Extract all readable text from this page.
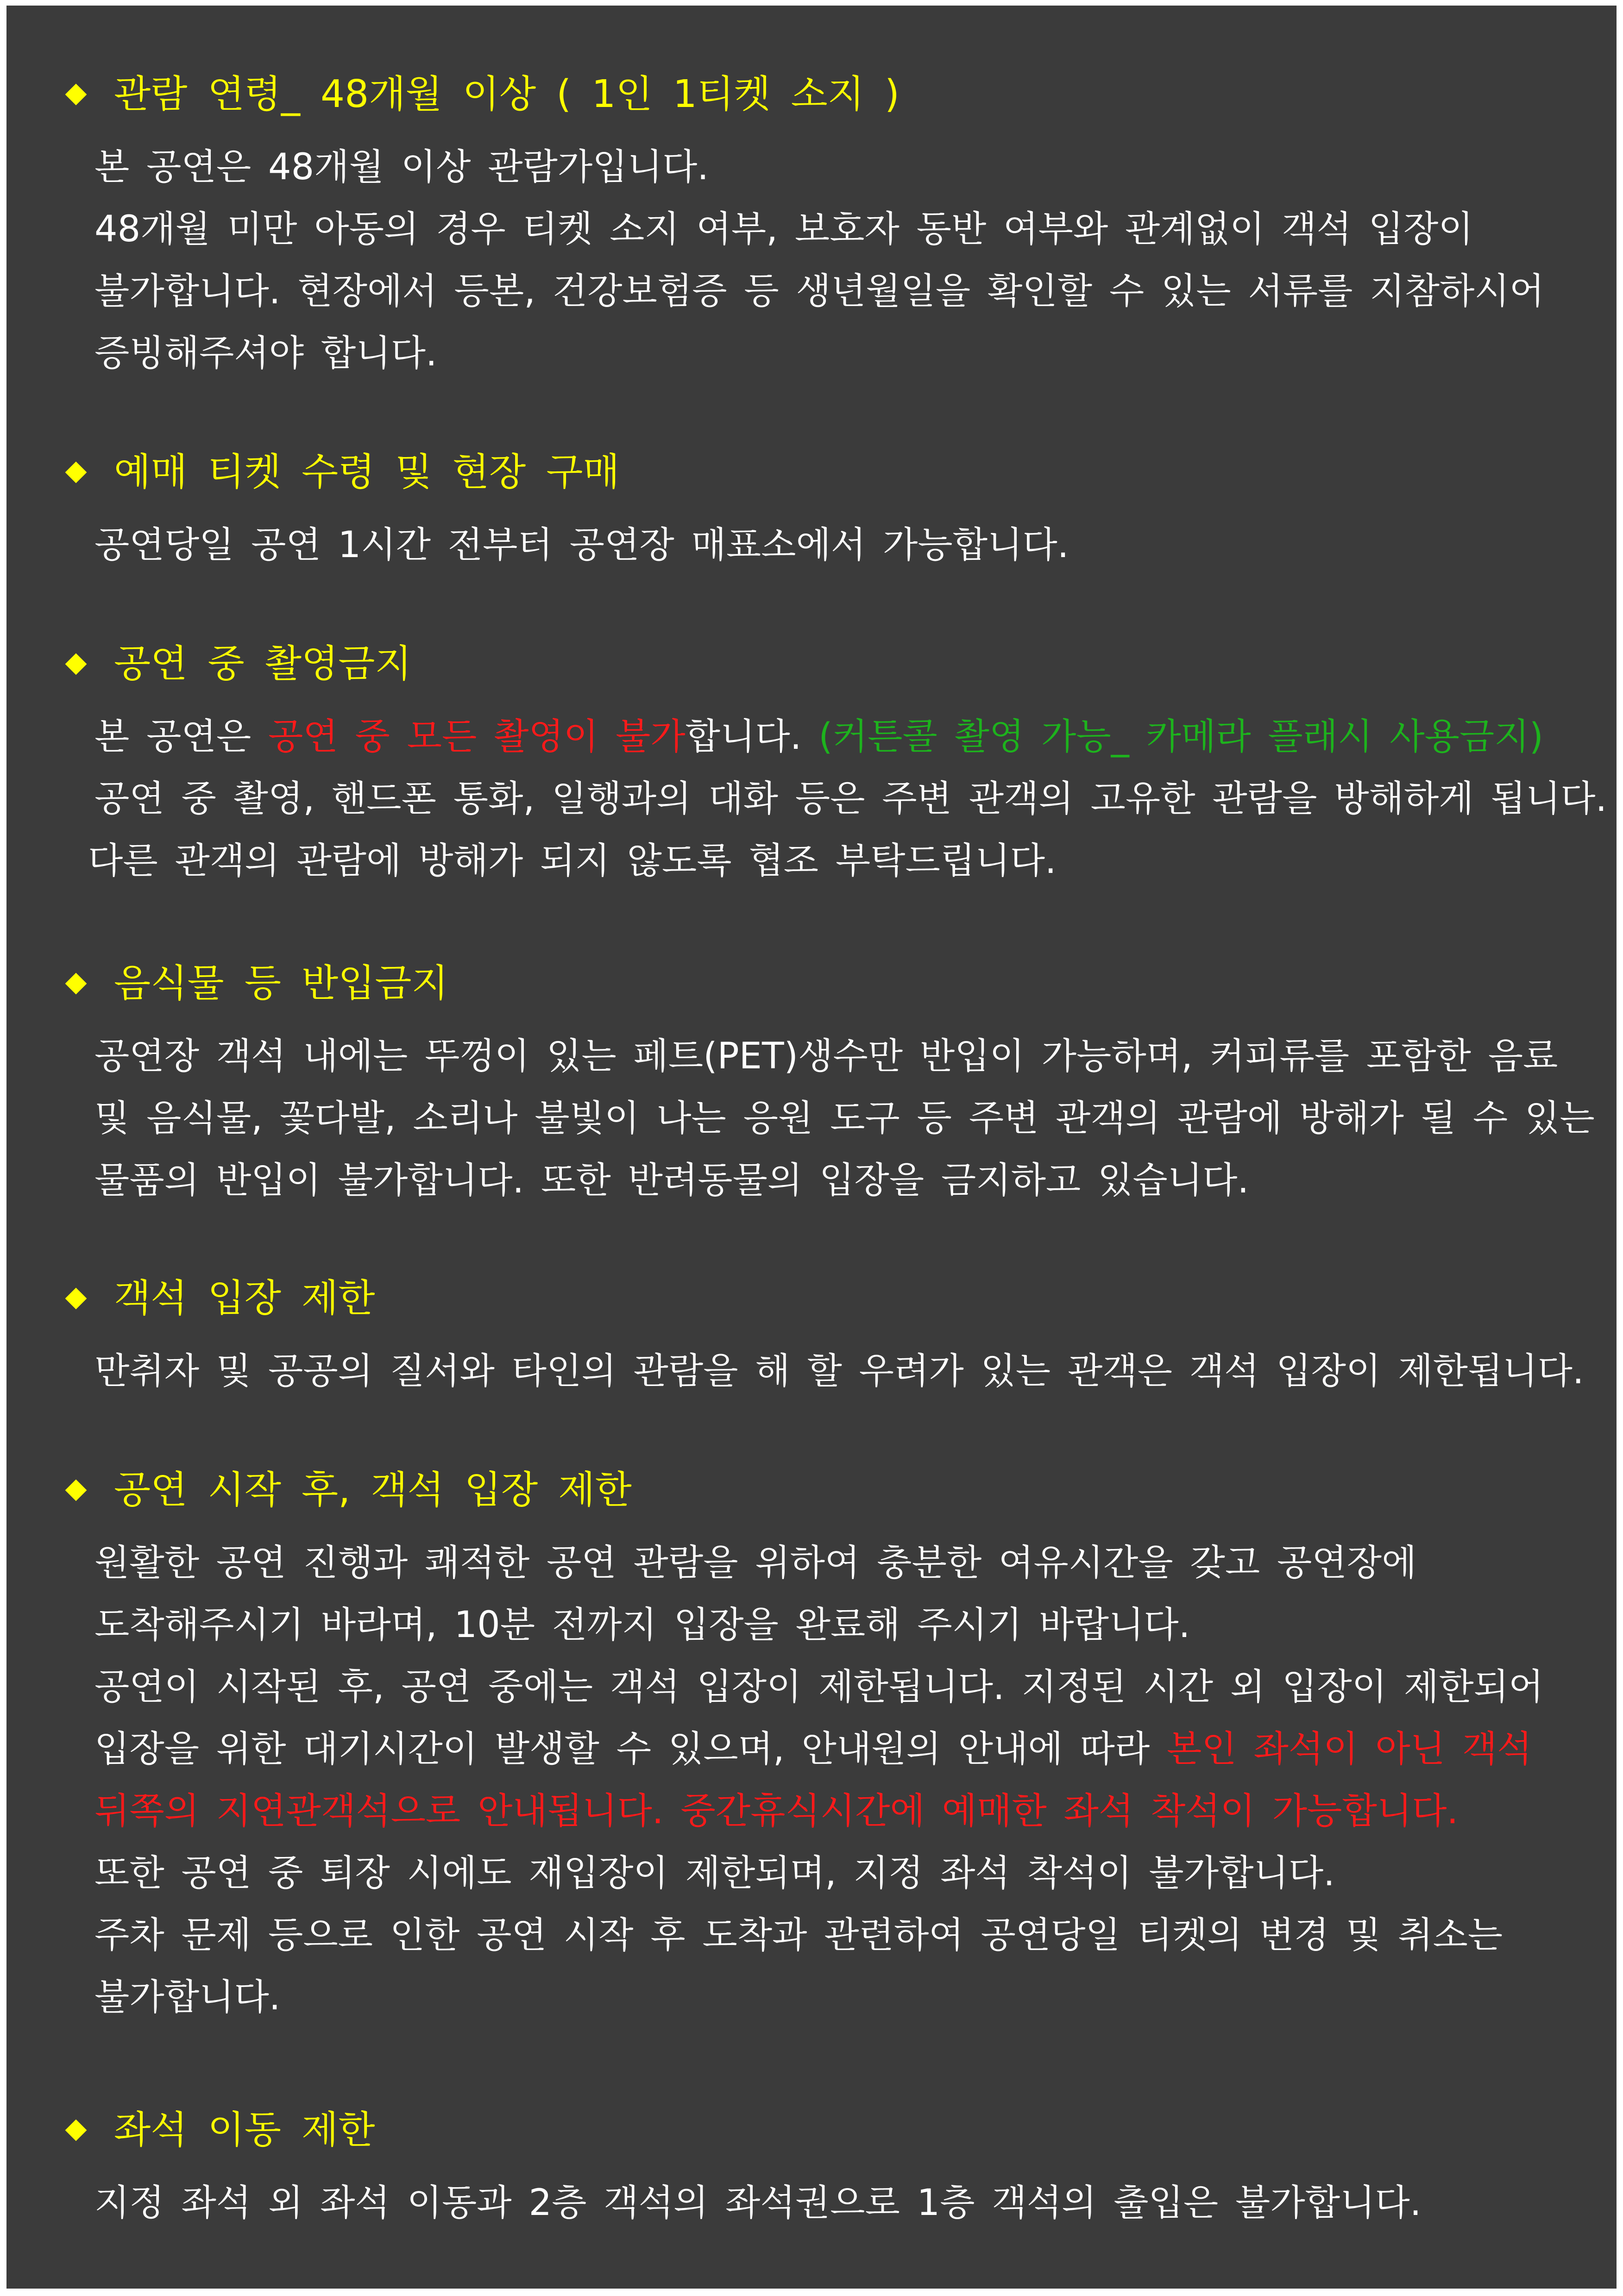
관람 연령_ 48개월 이상 ( 1인 1티켓 소지 )
본 공연은 48개월 이상 관람가입니다.
48개월 미만 아동의 경우 티켓 소지 여부, 보호자 동반 여부와 관계없이 객석 입장이
불가합니다. 현장에서 등본, 건강보험증 등 생년월일을 확인할 수 있는 서류를 지참하시어
증빙해주셔야 합니다.
예매 티켓 수령 및 현장 구매
공연당일 공연 1시간 전부터 공연장 매표소에서 가능합니다.
공연 중 촬영금지
본 공연은 공연 중 모든 촬영이 불가합니다. (커튼콜 촬영 가능_ 카메라 플래시 사용금지)
공연 중 촬영, 핸드폰 통화, 일행과의 대화 등은 주변 관객의 고유한 관람을 방해하게 됩니다.
다른 관객의 관람에 방해가 되지 않도록 협조 부탁드립니다.
음식물 등 반입금지
공연장 객석 내에는 뚜껑이 있는 페트(PET)생수만 반입이 가능하며, 커피류를 포함한 음료
및 음식물, 꽃다발, 소리나 불빛이 나는 응원 도구 등 주변 관객의 관람에 방해가 될 수 있는
물품의 반입이 불가합니다. 또한 반려동물의 입장을 금지하고 있습니다.
객석 입장 제한
만취자 및 공공의 질서와 타인의 관람을 해 할 우려가 있는 관객은 객석 입장이 제한됩니다.
공연 시작 후, 객석 입장 제한
원활한 공연 진행과 쾌적한 공연 관람을 위하여 충분한 여유시간을 갖고 공연장에
도착해주시기 바라며, 10분 전까지 입장을 완료해 주시기 바랍니다.
공연이 시작된 후, 공연 중에는 객석 입장이 제한됩니다. 지정된 시간 외 입장이 제한되어
입장을 위한 대기시간이 발생할 수 있으며, 안내원의 안내에 따라 본인 좌석이 아닌 객석
뒤쪽의 지연관객석으로 안내됩니다. 중간휴식시간에 예매한 좌석 착석이 가능합니다.
또한 공연 중 퇴장 시에도 재입장이 제한되며, 지정 좌석 착석이 불가합니다.
주차 문제 등으로 인한 공연 시작 후 도착과 관련하여 공연당일 티켓의 변경 및 취소는
불가합니다.
좌석 이동 제한
지정 좌석 외 좌석 이동과 2층 객석의 좌석권으로 1층 객석의 출입은 불가합니다.
